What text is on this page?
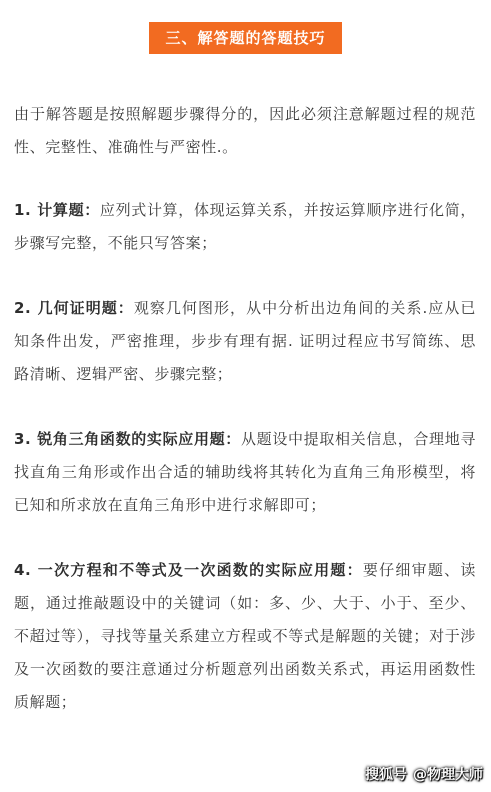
三、解答题的答题技巧

由于解答题是按照解题步骤得分的，因此必须注意解题过程的规范性、完整性、准确性与严密性.。

1. 计算题：应列式计算，体现运算关系，并按运算顺序进行化简，步骤写完整，不能只写答案；

2. 几何证明题：观察几何图形，从中分析出边角间的关系.应从已知条件出发，严密推理，步步有理有据. 证明过程应书写简练、思路清晰、逻辑严密、步骤完整；

3. 锐角三角函数的实际应用题：从题设中提取相关信息，合理地寻找直角三角形或作出合适的辅助线将其转化为直角三角形模型，将已知和所求放在直角三角形中进行求解即可；

4. 一次方程和不等式及一次函数的实际应用题：要仔细审题、读题，通过推敲题设中的关键词（如：多、少、大于、小于、至少、不超过等），寻找等量关系建立方程或不等式是解题的关键；对于涉及一次函数的要注意通过分析题意列出函数关系式，再运用函数性质解题；

搜狐号 @物理大师
